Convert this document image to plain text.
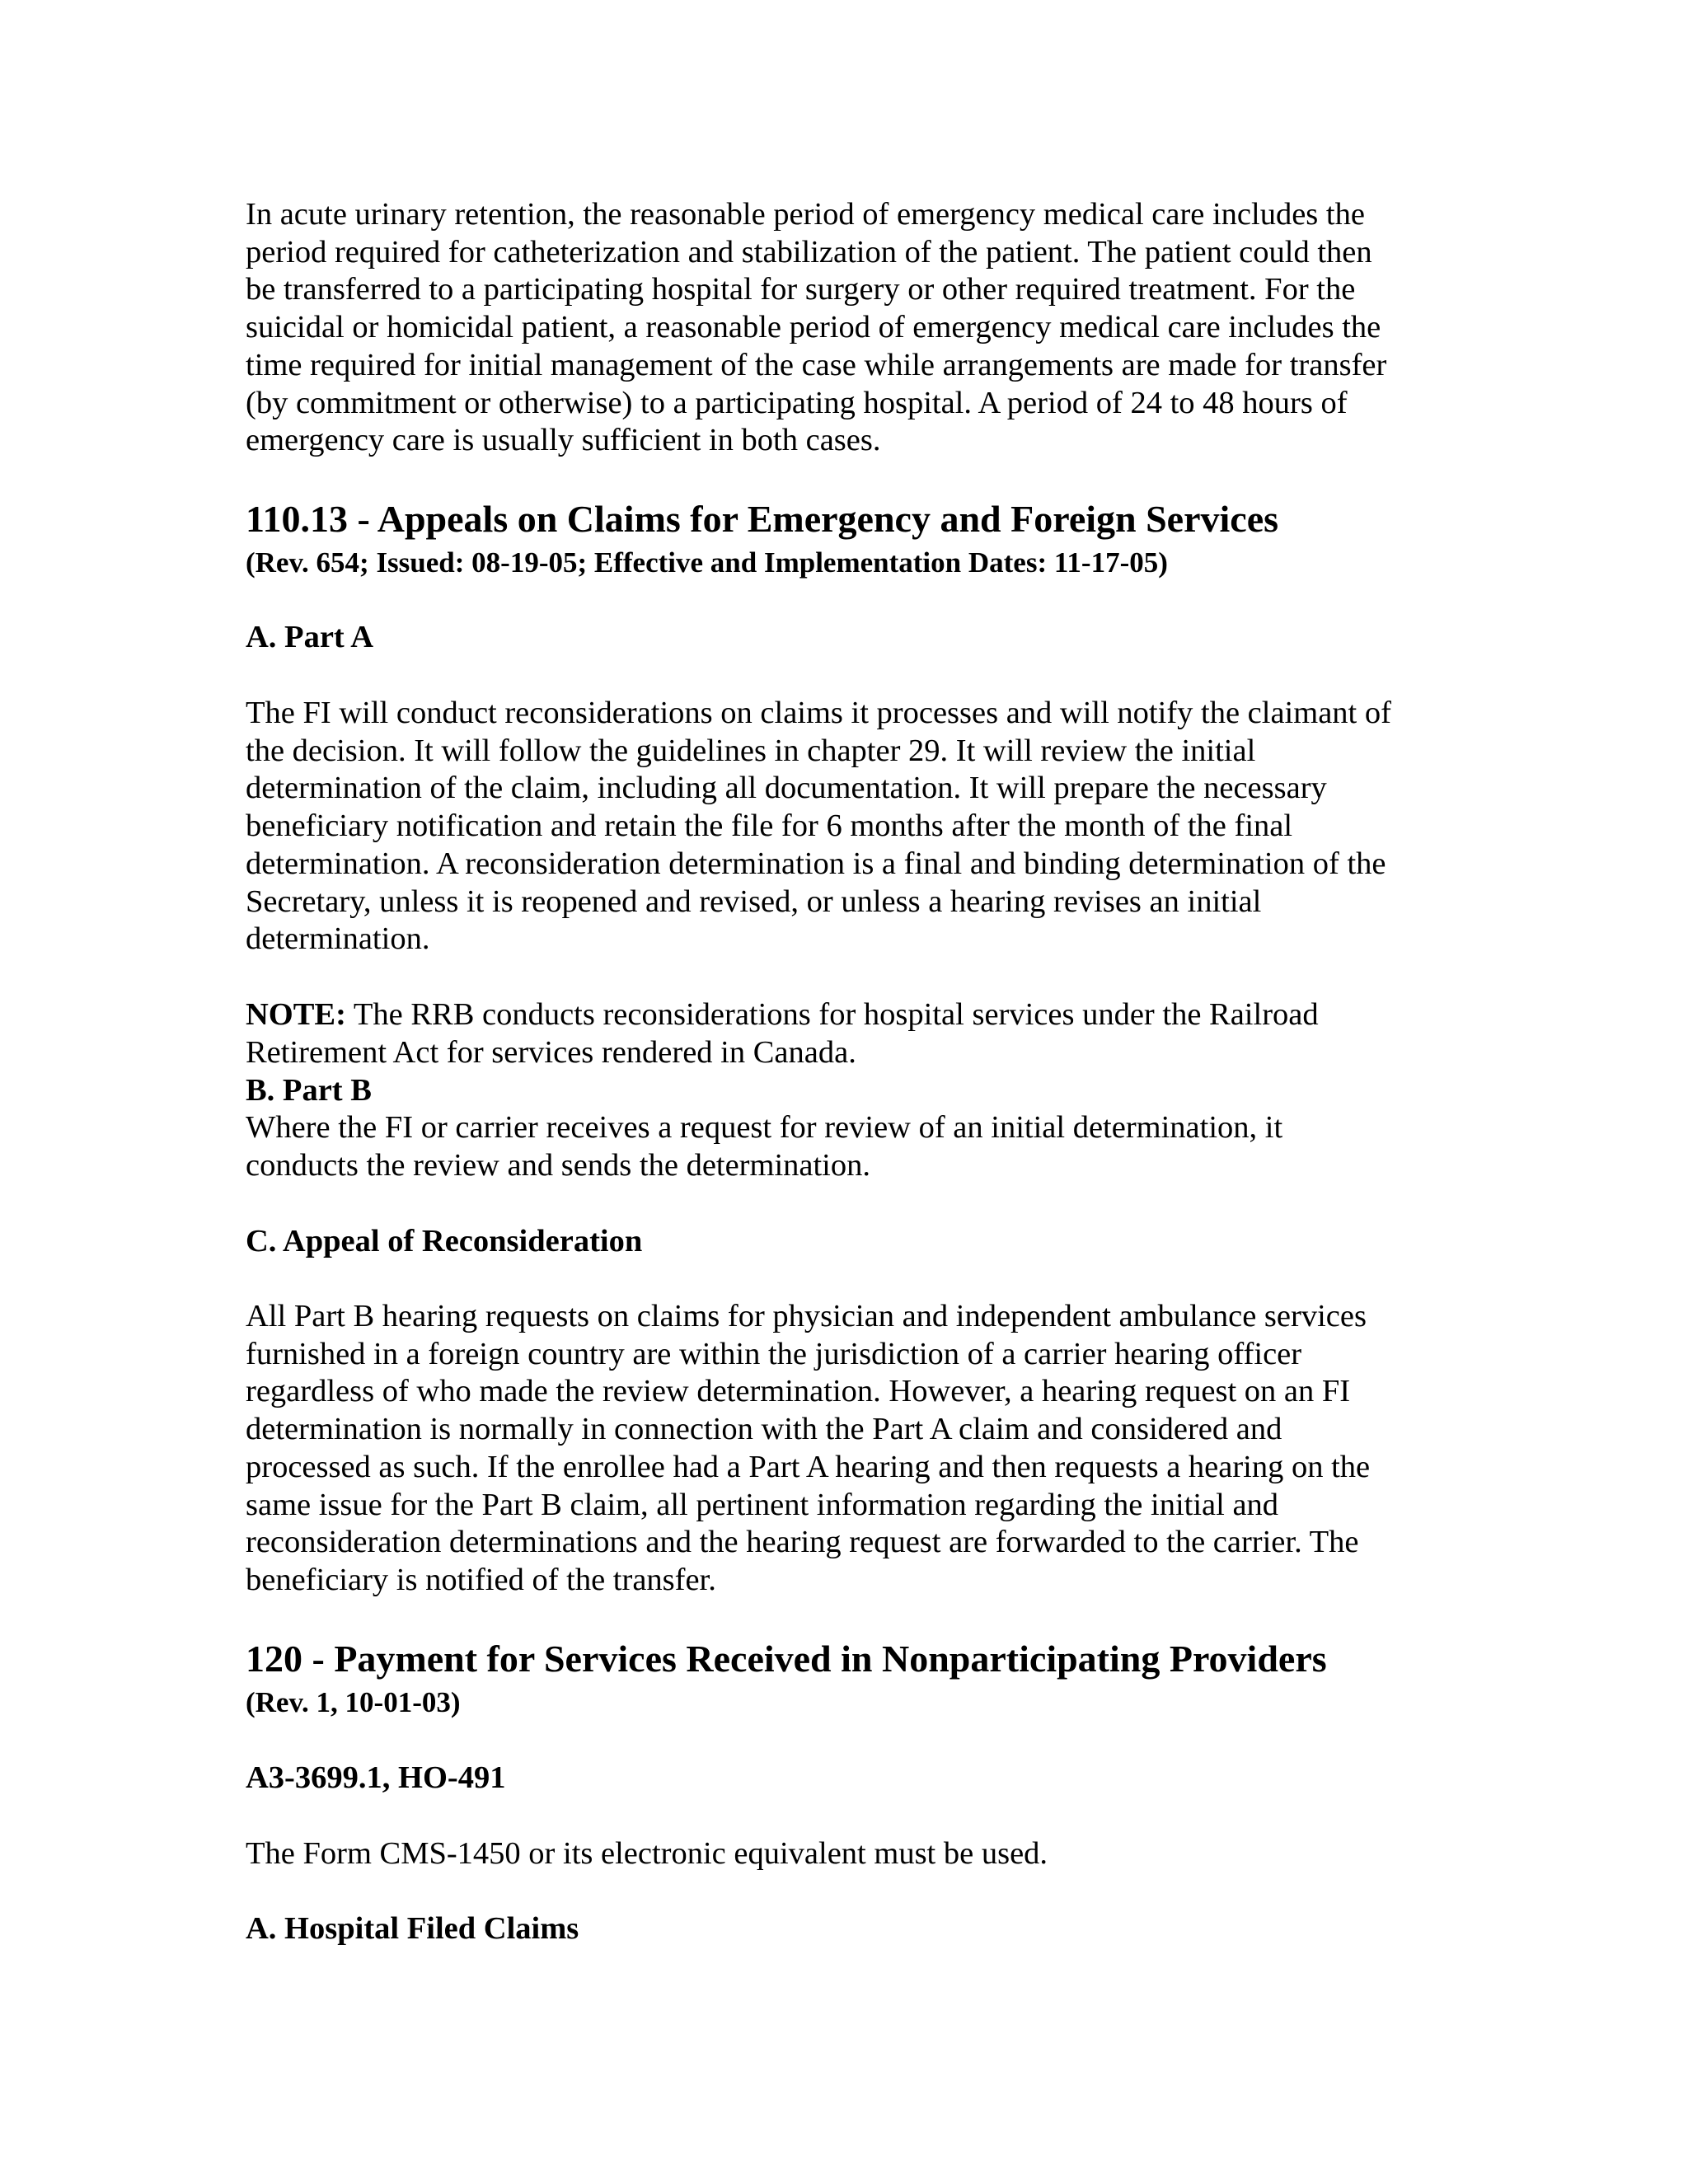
In acute urinary retention, the reasonable period of emergency medical care includes the
period required for catheterization and stabilization of the patient. The patient could then
be transferred to a participating hospital for surgery or other required treatment. For the
suicidal or homicidal patient, a reasonable period of emergency medical care includes the
time required for initial management of the case while arrangements are made for transfer
(by commitment or otherwise) to a participating hospital. A period of 24 to 48 hours of
emergency care is usually sufficient in both cases.
110.13 - Appeals on Claims for Emergency and Foreign Services
(Rev. 654; Issued: 08-19-05; Effective and Implementation Dates: 11-17-05)
A. Part A
The FI will conduct reconsiderations on claims it processes and will notify the claimant of
the decision. It will follow the guidelines in chapter 29. It will review the initial
determination of the claim, including all documentation. It will prepare the necessary
beneficiary notification and retain the file for 6 months after the month of the final
determination. A reconsideration determination is a final and binding determination of the
Secretary, unless it is reopened and revised, or unless a hearing revises an initial
determination.
NOTE: The RRB conducts reconsiderations for hospital services under the Railroad
Retirement Act for services rendered in Canada.
B. Part B
Where the FI or carrier receives a request for review of an initial determination, it
conducts the review and sends the determination.
C. Appeal of Reconsideration
All Part B hearing requests on claims for physician and independent ambulance services
furnished in a foreign country are within the jurisdiction of a carrier hearing officer
regardless of who made the review determination. However, a hearing request on an FI
determination is normally in connection with the Part A claim and considered and
processed as such. If the enrollee had a Part A hearing and then requests a hearing on the
same issue for the Part B claim, all pertinent information regarding the initial and
reconsideration determinations and the hearing request are forwarded to the carrier. The
beneficiary is notified of the transfer.
120 - Payment for Services Received in Nonparticipating Providers
(Rev. 1, 10-01-03)
A3-3699.1, HO-491
The Form CMS-1450 or its electronic equivalent must be used.
A. Hospital Filed Claims
